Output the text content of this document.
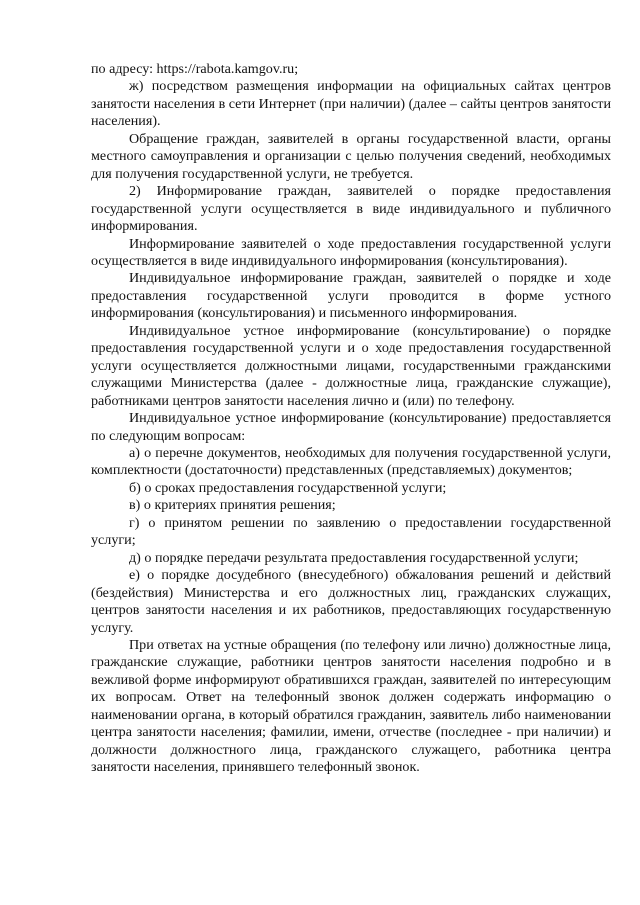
по адресу: https://rabota.kamgov.ru;

ж) посредством размещения информации на официальных сайтах центров занятости населения в сети Интернет (при наличии) (далее – сайты центров занятости населения).

Обращение граждан, заявителей в органы государственной власти, органы местного самоуправления и организации с целью получения сведений, необходимых для получения государственной услуги, не требуется.

2) Информирование граждан, заявителей о порядке предоставления государственной услуги осуществляется в виде индивидуального и публичного информирования.

Информирование заявителей о ходе предоставления государственной услуги осуществляется в виде индивидуального информирования (консультирования).

Индивидуальное информирование граждан, заявителей о порядке и ходе предоставления государственной услуги проводится в форме устного информирования (консультирования) и письменного информирования.

Индивидуальное устное информирование (консультирование) о порядке предоставления государственной услуги и о ходе предоставления государственной услуги осуществляется должностными лицами, государственными гражданскими служащими Министерства (далее - должностные лица, гражданские служащие), работниками центров занятости населения лично и (или) по телефону.

Индивидуальное устное информирование (консультирование) предоставляется по следующим вопросам:

а) о перечне документов, необходимых для получения государственной услуги, комплектности (достаточности) представленных (представляемых) документов;

б) о сроках предоставления государственной услуги;

в) о критериях принятия решения;

г) о принятом решении по заявлению о предоставлении государственной услуги;

д) о порядке передачи результата предоставления государственной услуги;

е) о порядке досудебного (внесудебного) обжалования решений и действий (бездействия) Министерства и его должностных лиц, гражданских служащих, центров занятости населения и их работников, предоставляющих государственную услугу.

При ответах на устные обращения (по телефону или лично) должностные лица, гражданские служащие, работники центров занятости населения подробно и в вежливой форме информируют обратившихся граждан, заявителей по интересующим их вопросам. Ответ на телефонный звонок должен содержать информацию о наименовании органа, в который обратился гражданин, заявитель либо наименовании центра занятости населения; фамилии, имени, отчестве (последнее - при наличии) и должности должностного лица, гражданского служащего, работника центра занятости населения, принявшего телефонный звонок.
